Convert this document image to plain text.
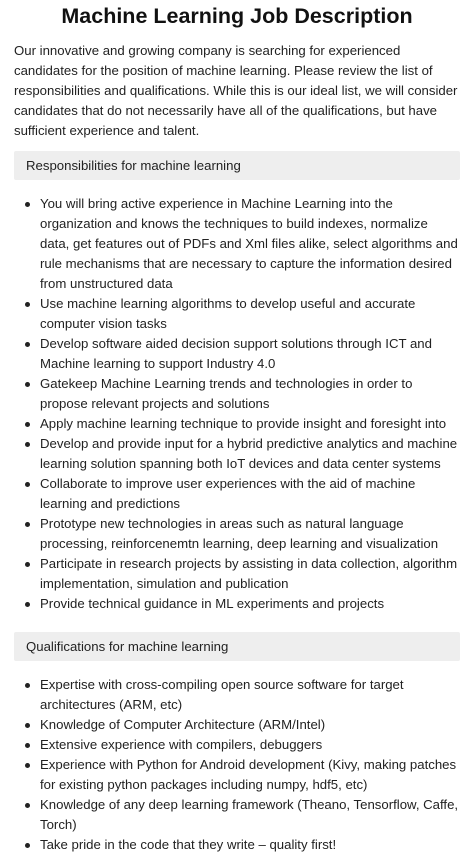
Machine Learning Job Description

Our innovative and growing company is searching for experienced candidates for the position of machine learning. Please review the list of responsibilities and qualifications. While this is our ideal list, we will consider candidates that do not necessarily have all of the qualifications, but have sufficient experience and talent.

Responsibilities for machine learning
You will bring active experience in Machine Learning into the organization and knows the techniques to build indexes, normalize data, get features out of PDFs and Xml files alike, select algorithms and rule mechanisms that are necessary to capture the information desired from unstructured data
Use machine learning algorithms to develop useful and accurate computer vision tasks
Develop software aided decision support solutions through ICT and Machine learning to support Industry 4.0
Gatekeep Machine Learning trends and technologies in order to propose relevant projects and solutions
Apply machine learning technique to provide insight and foresight into
Develop and provide input for a hybrid predictive analytics and machine learning solution spanning both IoT devices and data center systems
Collaborate to improve user experiences with the aid of machine learning and predictions
Prototype new technologies in areas such as natural language processing, reinforcenemtn learning, deep learning and visualization
Participate in research projects by assisting in data collection, algorithm implementation, simulation and publication
Provide technical guidance in ML experiments and projects
Qualifications for machine learning
Expertise with cross-compiling open source software for target architectures (ARM, etc)
Knowledge of Computer Architecture (ARM/Intel)
Extensive experience with compilers, debuggers
Experience with Python for Android development (Kivy, making patches for existing python packages including numpy, hdf5, etc)
Knowledge of any deep learning framework (Theano, Tensorflow, Caffe, Torch)
Take pride in the code that they write – quality first!
